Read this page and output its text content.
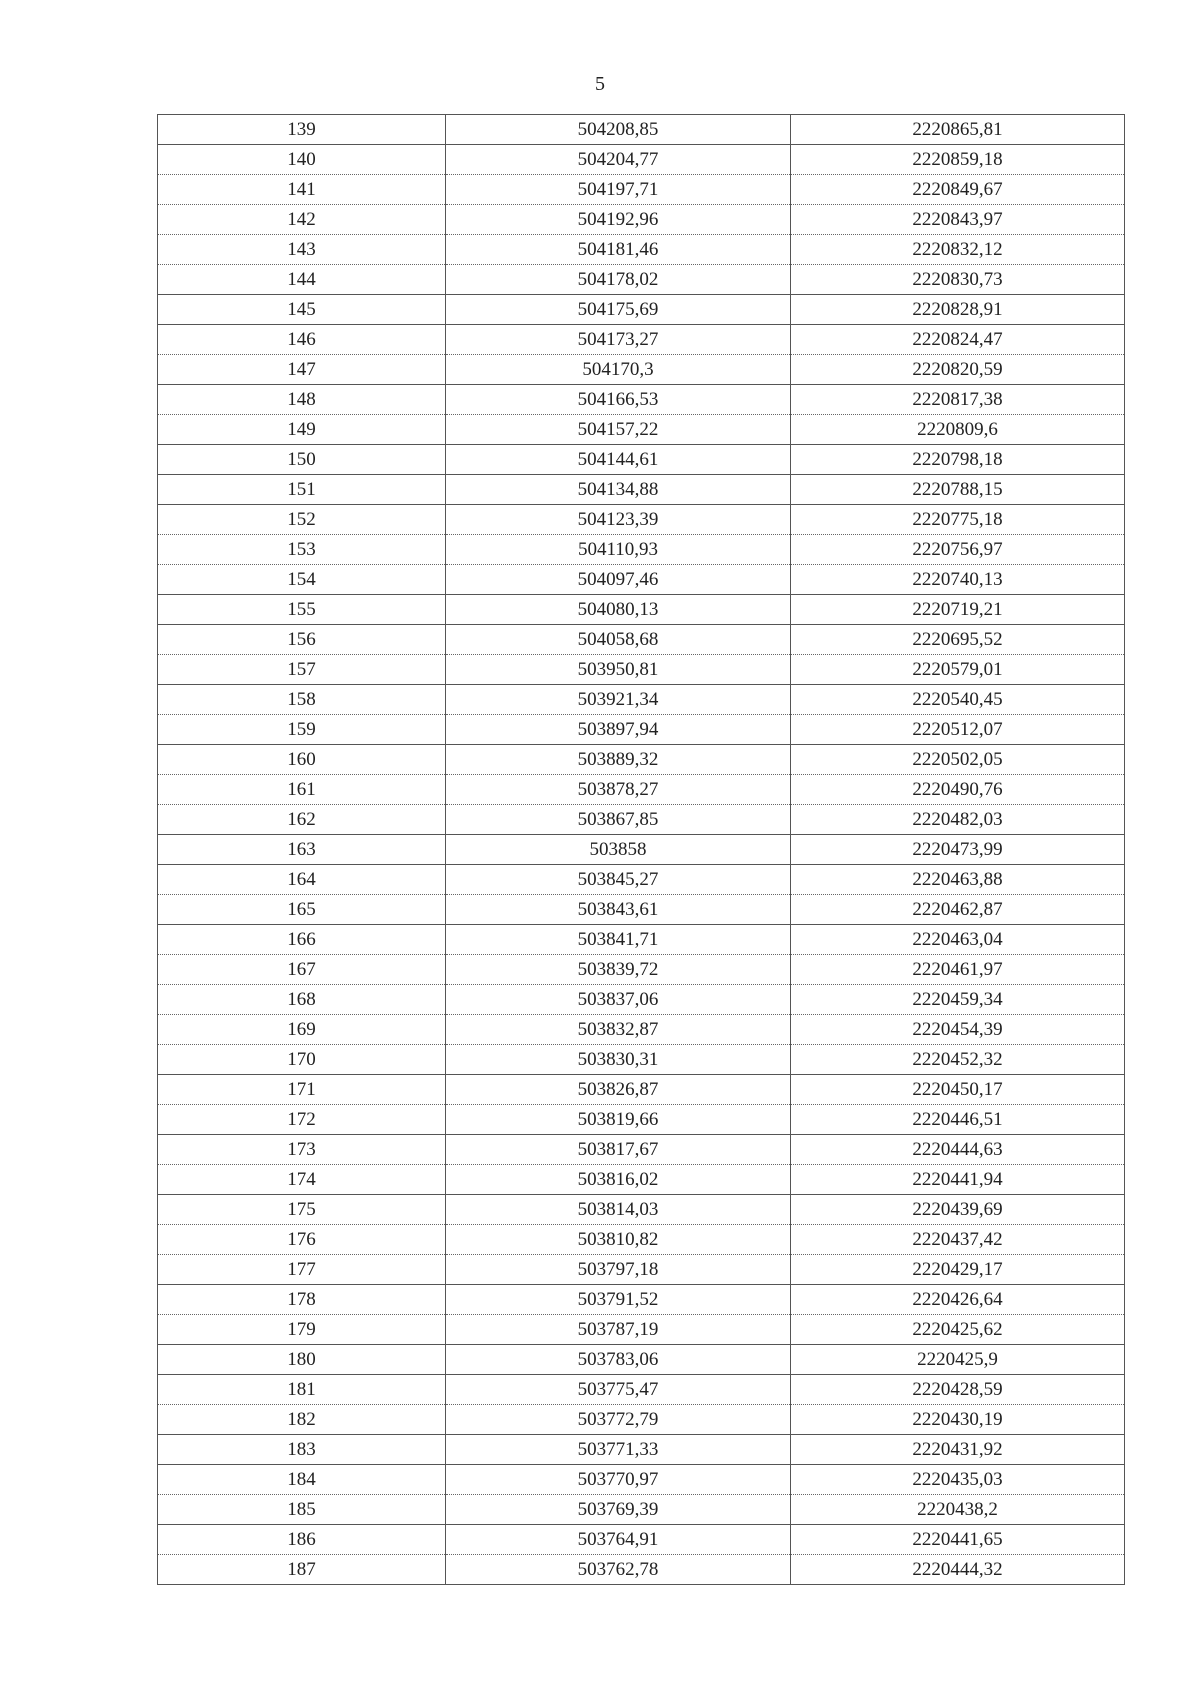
5
139	504208,85	2220865,81
140	504204,77	2220859,18
141	504197,71	2220849,67
142	504192,96	2220843,97
143	504181,46	2220832,12
144	504178,02	2220830,73
145	504175,69	2220828,91
146	504173,27	2220824,47
147	504170,3	2220820,59
148	504166,53	2220817,38
149	504157,22	2220809,6
150	504144,61	2220798,18
151	504134,88	2220788,15
152	504123,39	2220775,18
153	504110,93	2220756,97
154	504097,46	2220740,13
155	504080,13	2220719,21
156	504058,68	2220695,52
157	503950,81	2220579,01
158	503921,34	2220540,45
159	503897,94	2220512,07
160	503889,32	2220502,05
161	503878,27	2220490,76
162	503867,85	2220482,03
163	503858	2220473,99
164	503845,27	2220463,88
165	503843,61	2220462,87
166	503841,71	2220463,04
167	503839,72	2220461,97
168	503837,06	2220459,34
169	503832,87	2220454,39
170	503830,31	2220452,32
171	503826,87	2220450,17
172	503819,66	2220446,51
173	503817,67	2220444,63
174	503816,02	2220441,94
175	503814,03	2220439,69
176	503810,82	2220437,42
177	503797,18	2220429,17
178	503791,52	2220426,64
179	503787,19	2220425,62
180	503783,06	2220425,9
181	503775,47	2220428,59
182	503772,79	2220430,19
183	503771,33	2220431,92
184	503770,97	2220435,03
185	503769,39	2220438,2
186	503764,91	2220441,65
187	503762,78	2220444,32
